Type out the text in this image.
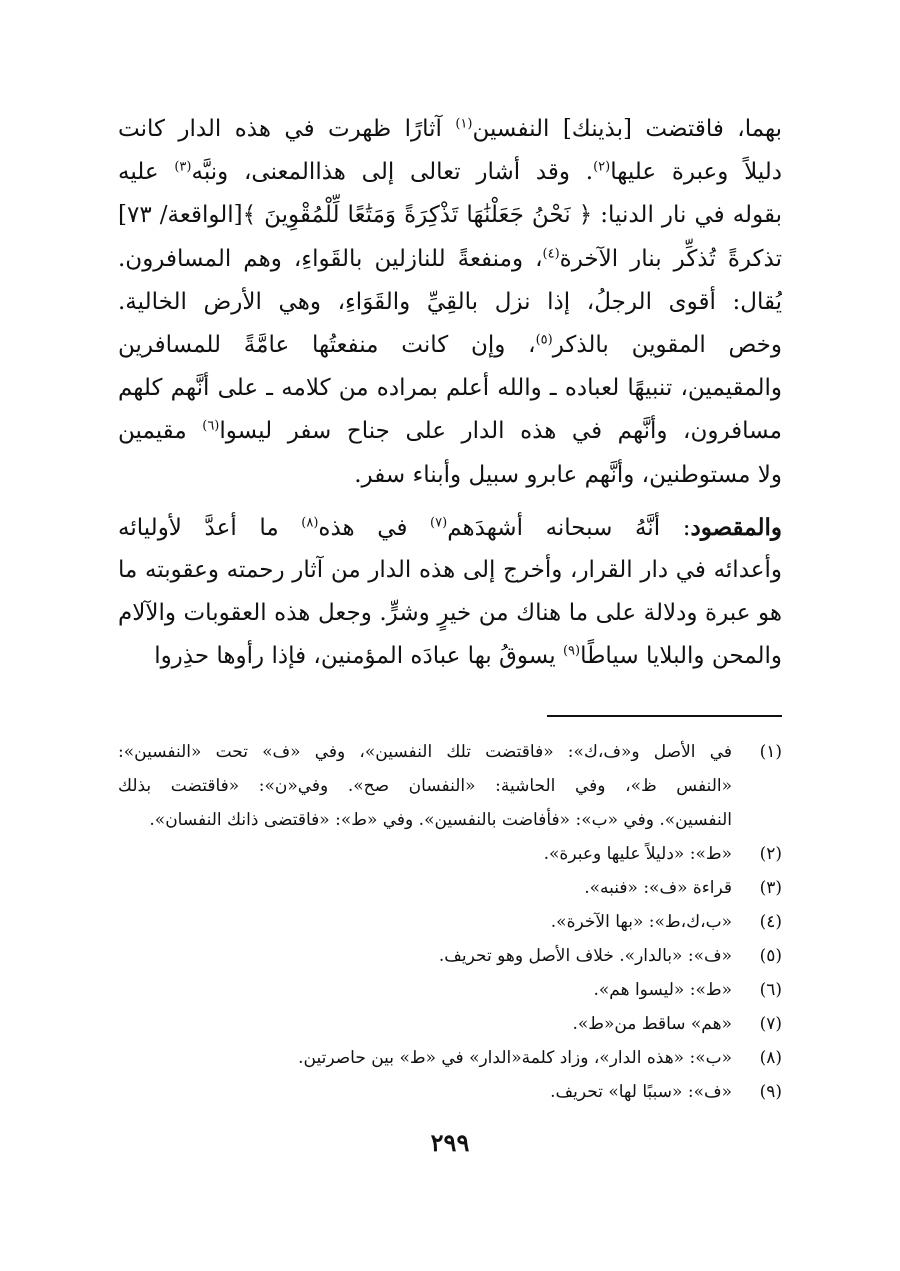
بهما، فاقتضت [بذينك] النفسين$^{(١)}$ آثارًا ظهرت في هذه الدار كانت
دليلاً وعبرة عليها$^{(٢)}$. وقد أشار تعالى إلى هذاالمعنى، ونبَّه$^{(٣)}$ عليه
بقوله في نار الدنيا: ﴿ نَحْنُ جَعَلْنَٰهَا تَذْكِرَةً وَمَتَٰعًا لِّلْمُقْوِينَ ﴾[الواقعة/ ٧٣]
تذكرةً تُذكِّر بنار الآخرة$^{(٤)}$، ومنفعةً للنازلين بالقَواءِ، وهم المسافرون.
يُقال: أقوى الرجلُ، إذا نزل بالقِيِّ والقَوَاءِ، وهي الأرض الخالية.
وخص المقوين بالذكر$^{(٥)}$، وإن كانت منفعتُها عامَّةً للمسافرين
والمقيمين، تنبيهًا لعباده ـ والله أعلم بمراده من كلامه ـ على أنَّهم كلهم
مسافرون، وأنَّهم في هذه الدار على جناح سفر ليسوا$^{(٦)}$ مقيمين
ولا مستوطنين، وأنَّهم عابرو سبيل وأبناء سفر.
والمقصود: أنَّهُ سبحانه أشهدَهم$^{(٧)}$ في هذه$^{(٨)}$ ما أعدَّ لأوليائه
وأعدائه في دار القرار، وأخرج إلى هذه الدار من آثار رحمته وعقوبته ما
هو عبرة ودلالة على ما هناك من خيرٍ وشرٍّ. وجعل هذه العقوبات والآلام
والمحن والبلايا سياطًا$^{(٩)}$ يسوقُ بها عبادَه المؤمنين، فإذا رأوها حذِروا
(١)
في الأصل و«ف،ك»: «فاقتضت تلك النفسين»، وفي «ف» تحت «النفسين»:
«النفس ظ»، وفي الحاشية: «النفسان صح». وفي«ن»: «فاقتضت بذلك
النفسين». وفي «ب»: «فأفاضت بالنفسين». وفي «ط»: «فاقتضى ذانك النفسان».
(٢)
«ط»: «دليلاً عليها وعبرة».
(٣)
قراءة «ف»: «فنبه».
(٤)
«ب،ك،ط»: «بها الآخرة».
(٥)
«ف»: «بالدار». خلاف الأصل وهو تحريف.
(٦)
«ط»: «ليسوا هم».
(٧)
«هم» ساقط من«ط».
(٨)
«ب»: «هذه الدار»، وزاد كلمة«الدار» في «ط» بين حاصرتين.
(٩)
«ف»: «سببًا لها» تحريف.
٢٩٩
